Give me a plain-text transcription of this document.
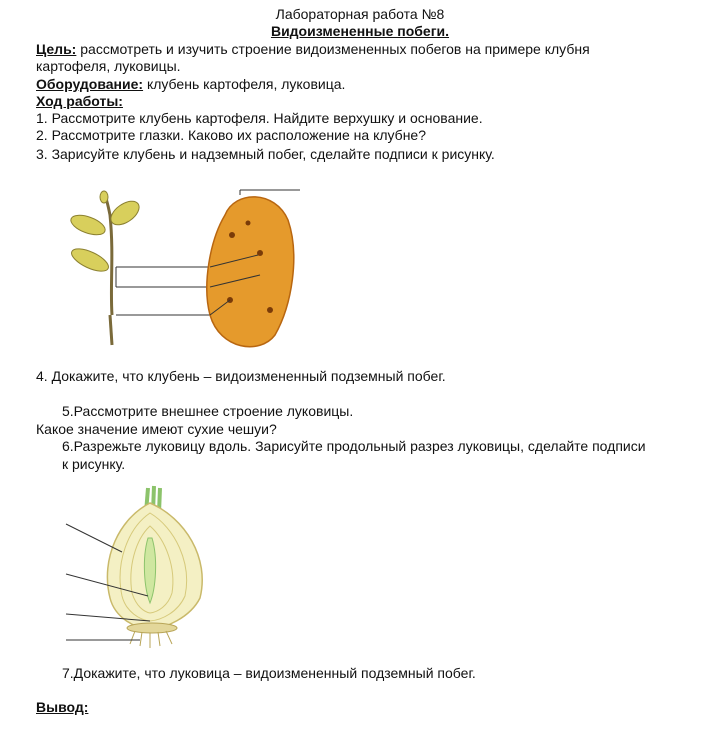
Лабораторная работа №8
Видоизмененные побеги.
Цель: рассмотреть и изучить строение видоизмененных побегов на примере клубня
картофеля, луковицы.
Оборудование: клубень картофеля, луковица.
Ход работы:
1. Рассмотрите клубень картофеля. Найдите верхушку и основание.
2. Рассмотрите глазки. Каково их расположение на клубне?
3. Зарисуйте клубень и надземный побег, сделайте подписи к рисунку.
4. Докажите, что клубень – видоизмененный подземный побег.
5.Рассмотрите внешнее строение луковицы.
Какое значение имеют сухие чешуи?
6.Разрежьте луковицу вдоль. Зарисуйте продольный разрез луковицы, сделайте подписи
к рисунку.
7.Докажите, что луковица – видоизмененный подземный побег.
Вывод:
